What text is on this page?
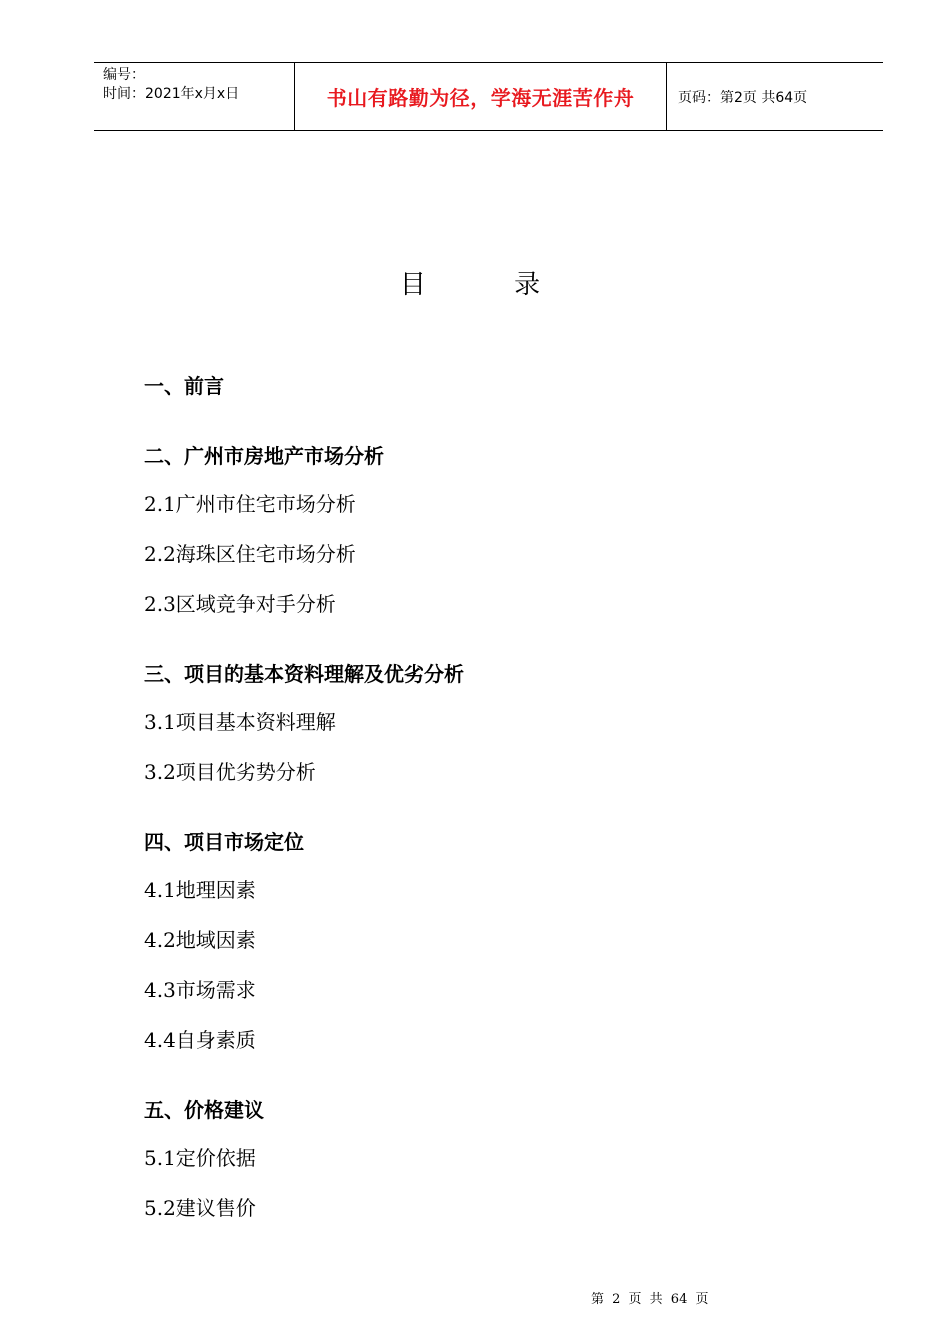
编号：
时间：2021年x月x日	书山有路勤为径，学海无涯苦作舟	页码：第2页 共64页
目 录
一、前言
二、广州市房地产市场分析
2.1广州市住宅市场分析
2.2海珠区住宅市场分析
2.3区域竞争对手分析
三、项目的基本资料理解及优劣分析
3.1项目基本资料理解
3.2项目优劣势分析
四、项目市场定位
4.1地理因素
4.2地域因素
4.3市场需求
4.4自身素质
五、价格建议
5.1定价依据
5.2建议售价
第 2 页 共 64 页
